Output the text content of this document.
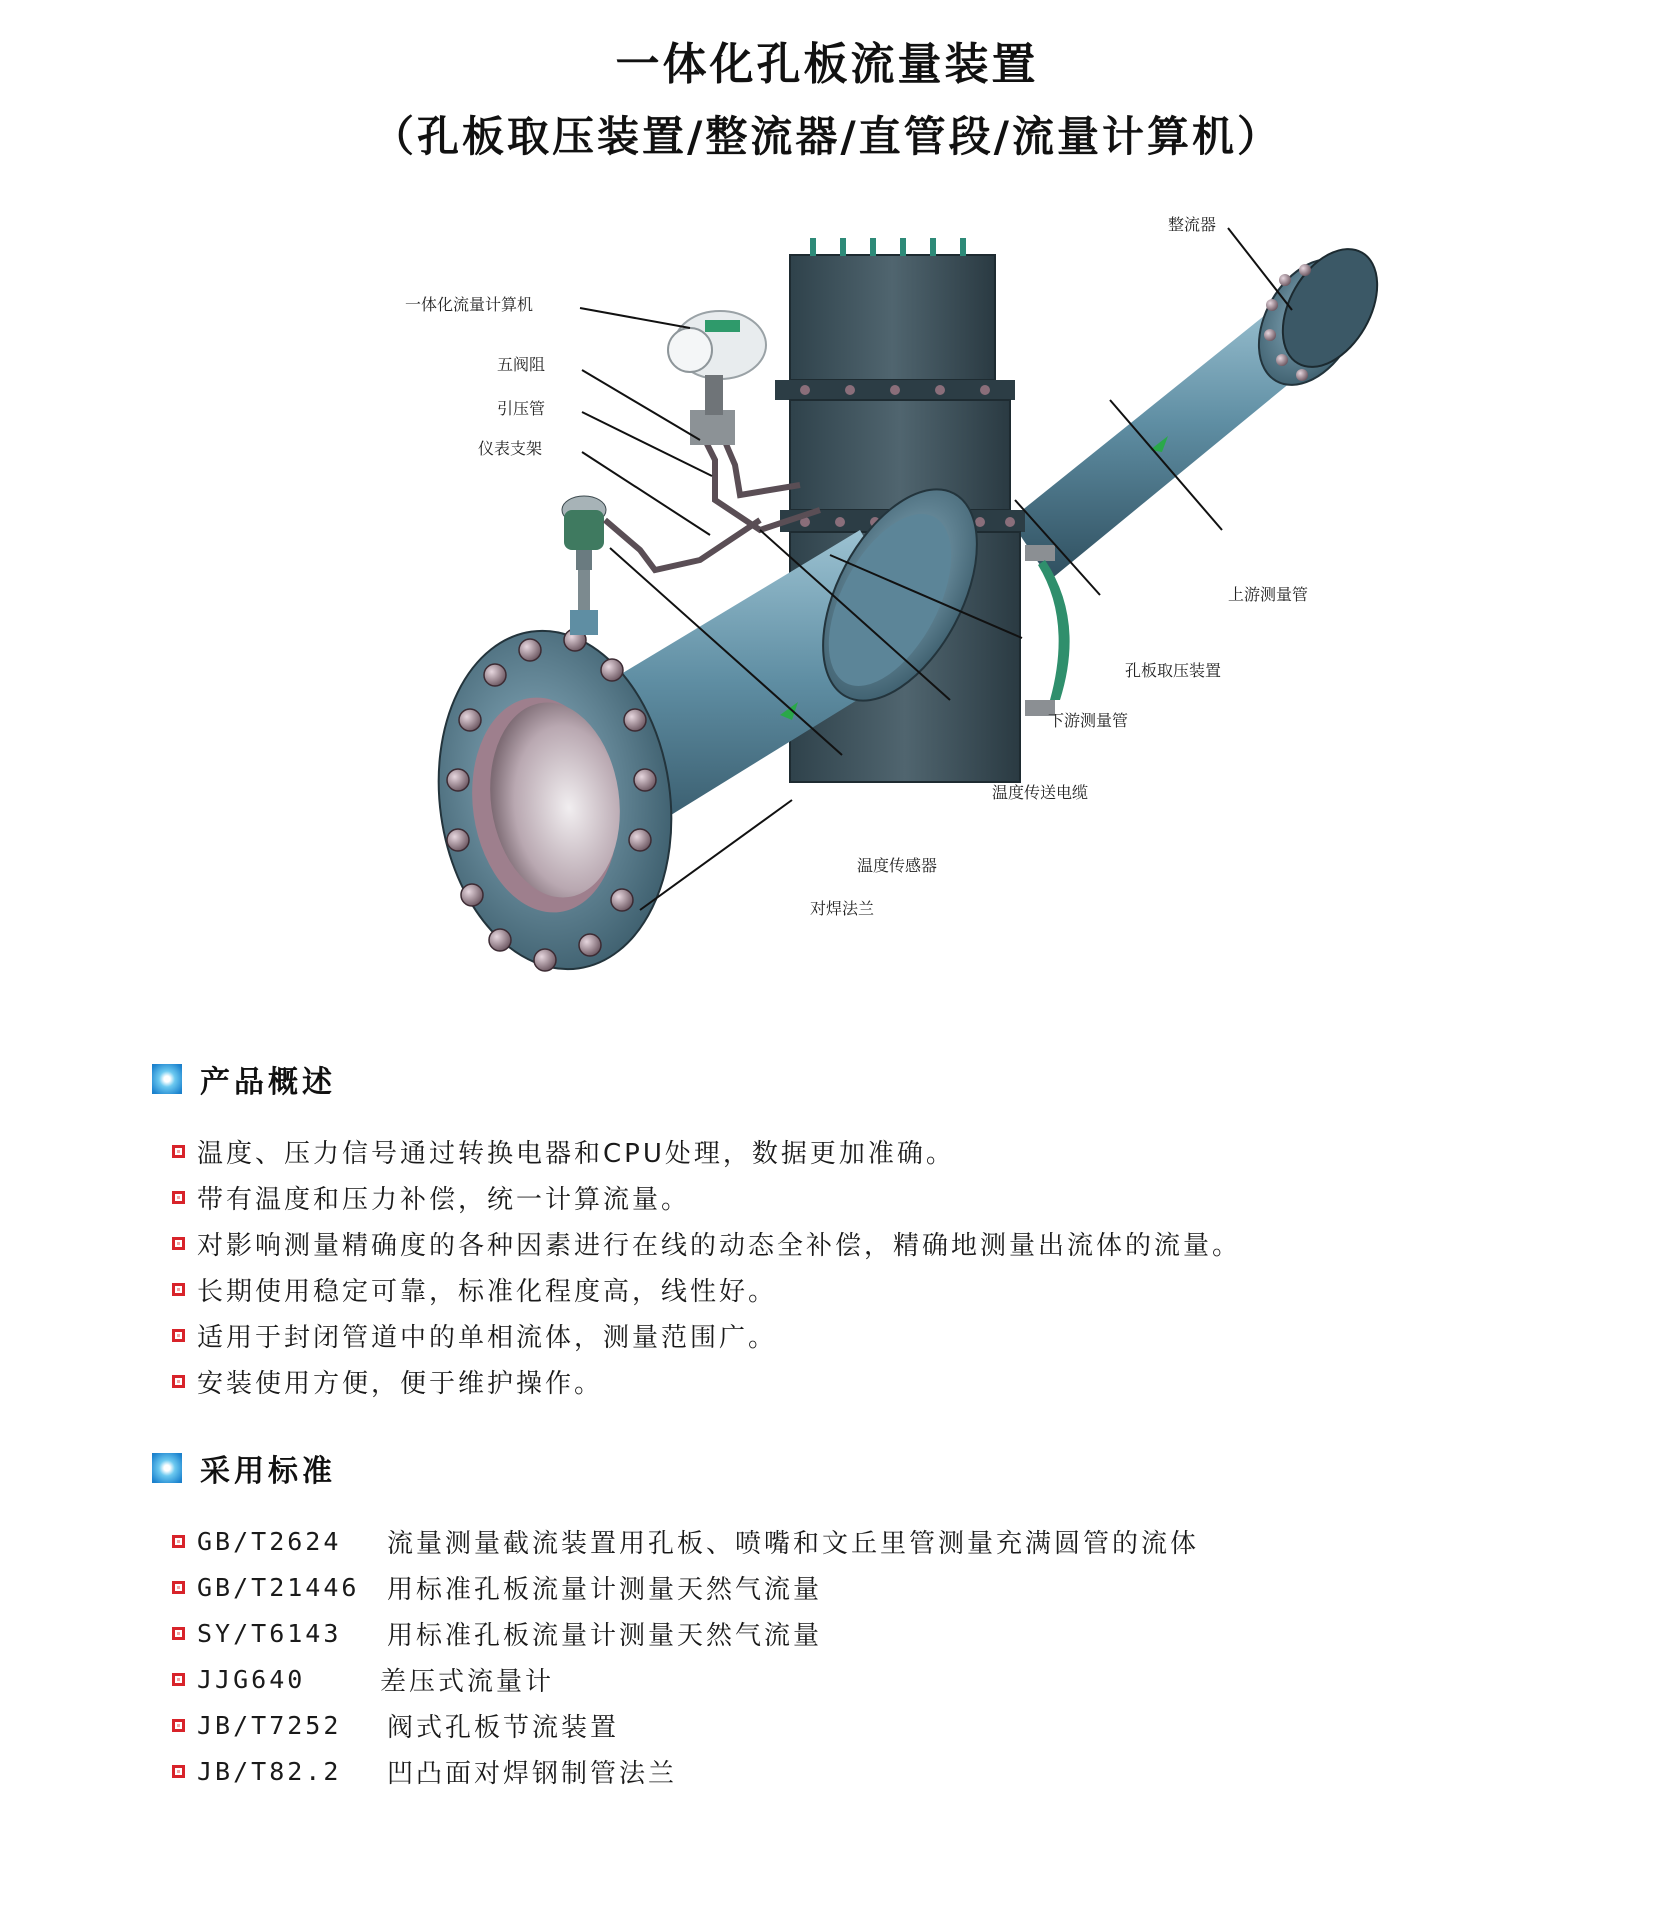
一体化孔板流量装置
（孔板取压装置/整流器/直管段/流量计算机）
整流器
一体化流量计算机
五阀阻
引压管
仪表支架
上游测量管
孔板取压装置
下游测量管
温度传送电缆
温度传感器
对焊法兰
产品概述
温度、压力信号通过转换电器和CPU处理，数据更加准确。
带有温度和压力补偿，统一计算流量。
对影响测量精确度的各种因素进行在线的动态全补偿，精确地测量出流体的流量。
长期使用稳定可靠，标准化程度高，线性好。
适用于封闭管道中的单相流体，测量范围广。
安装使用方便，便于维护操作。
采用标准
GB/T2624	流量测量截流装置用孔板、喷嘴和文丘里管测量充满圆管的流体
GB/T21446	用标准孔板流量计测量天然气流量
SY/T6143	用标准孔板流量计测量天然气流量
JJG640	差压式流量计
JB/T7252	阀式孔板节流装置
JB/T82.2	凹凸面对焊钢制管法兰
